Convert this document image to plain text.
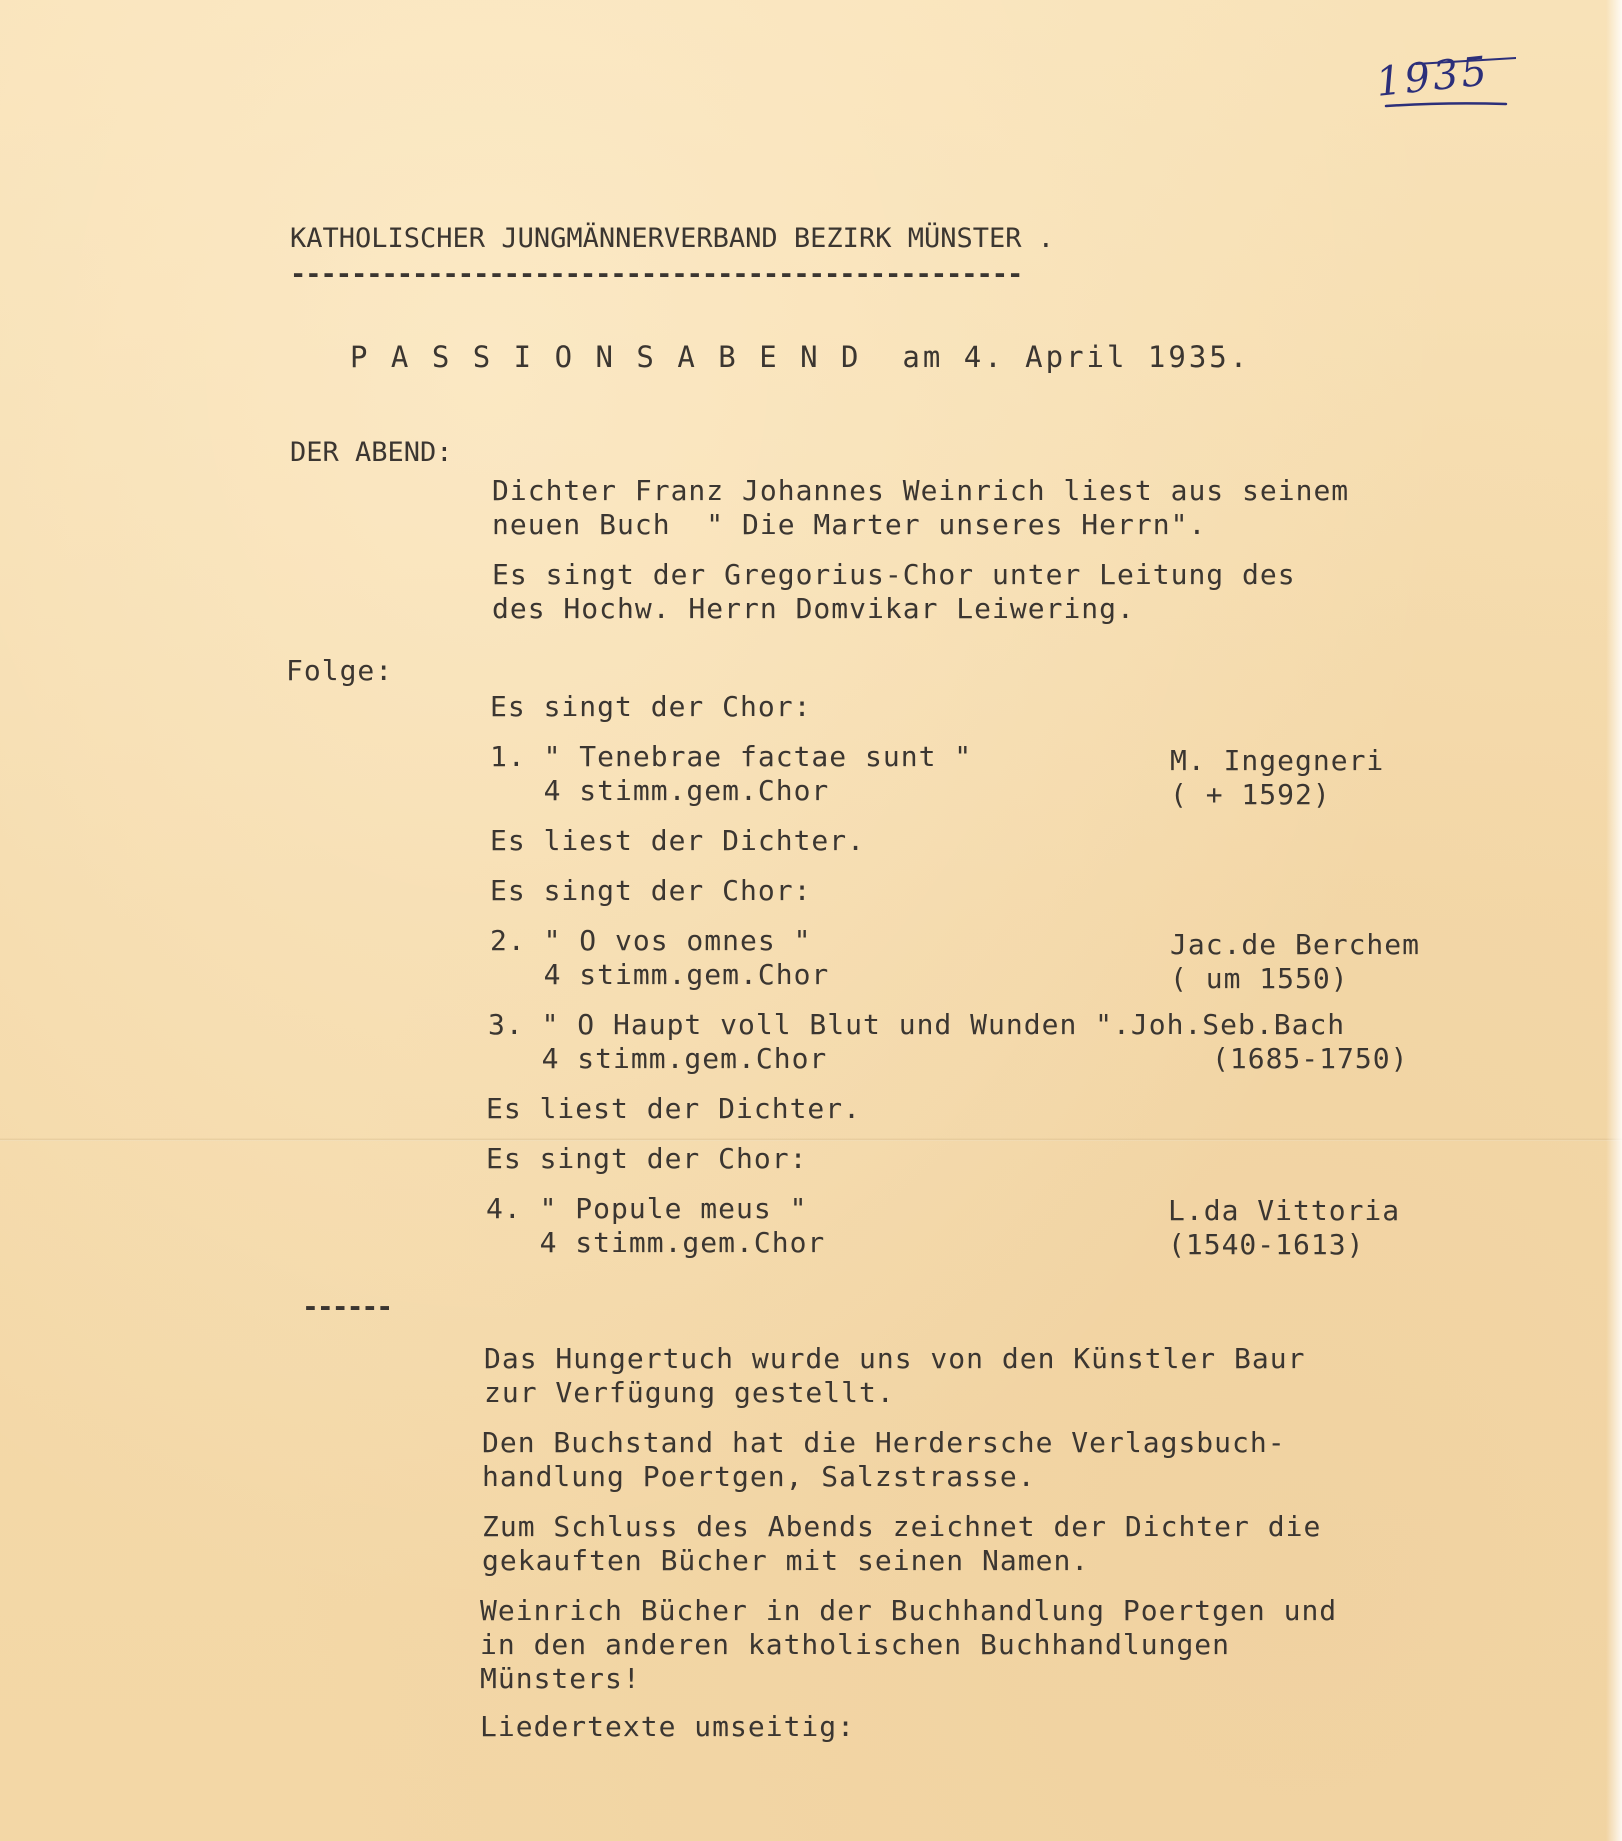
1935

KATHOLISCHER JUNGMÄNNERVERBAND BEZIRK MÜNSTER .

------------------------------------------------

P A S S I O N S A B E N D  am 4. April 1935.

DER ABEND:

Dichter Franz Johannes Weinrich liest aus seinem
neuen Buch  " Die Marter unseres Herrn".

Es singt der Gregorius-Chor unter Leitung des
des Hochw. Herrn Domvikar Leiwering.

Folge:

Es singt der Chor:

1. " Tenebrae factae sunt "
4 stimm.gem.Chor

M. Ingegneri
( + 1592)

Es liest der Dichter.

Es singt der Chor:

2. " O vos omnes "
4 stimm.gem.Chor

Jac.de Berchem
( um 1550)

3. " O Haupt voll Blut und Wunden ".Joh.Seb.Bach

4 stimm.gem.Chor	(1685-1750)

Es liest der Dichter.

Es singt der Chor:

4. " Popule meus "
4 stimm.gem.Chor

L.da Vittoria
(1540-1613)

------

Das Hungertuch wurde uns von den Künstler Baur
zur Verfügung gestellt.

Den Buchstand hat die Herdersche Verlagsbuch-
handlung Poertgen, Salzstrasse.

Zum Schluss des Abends zeichnet der Dichter die
gekauften Bücher mit seinen Namen.

Weinrich Bücher in der Buchhandlung Poertgen und
in den anderen katholischen Buchhandlungen
Münsters!

Liedertexte umseitig:
